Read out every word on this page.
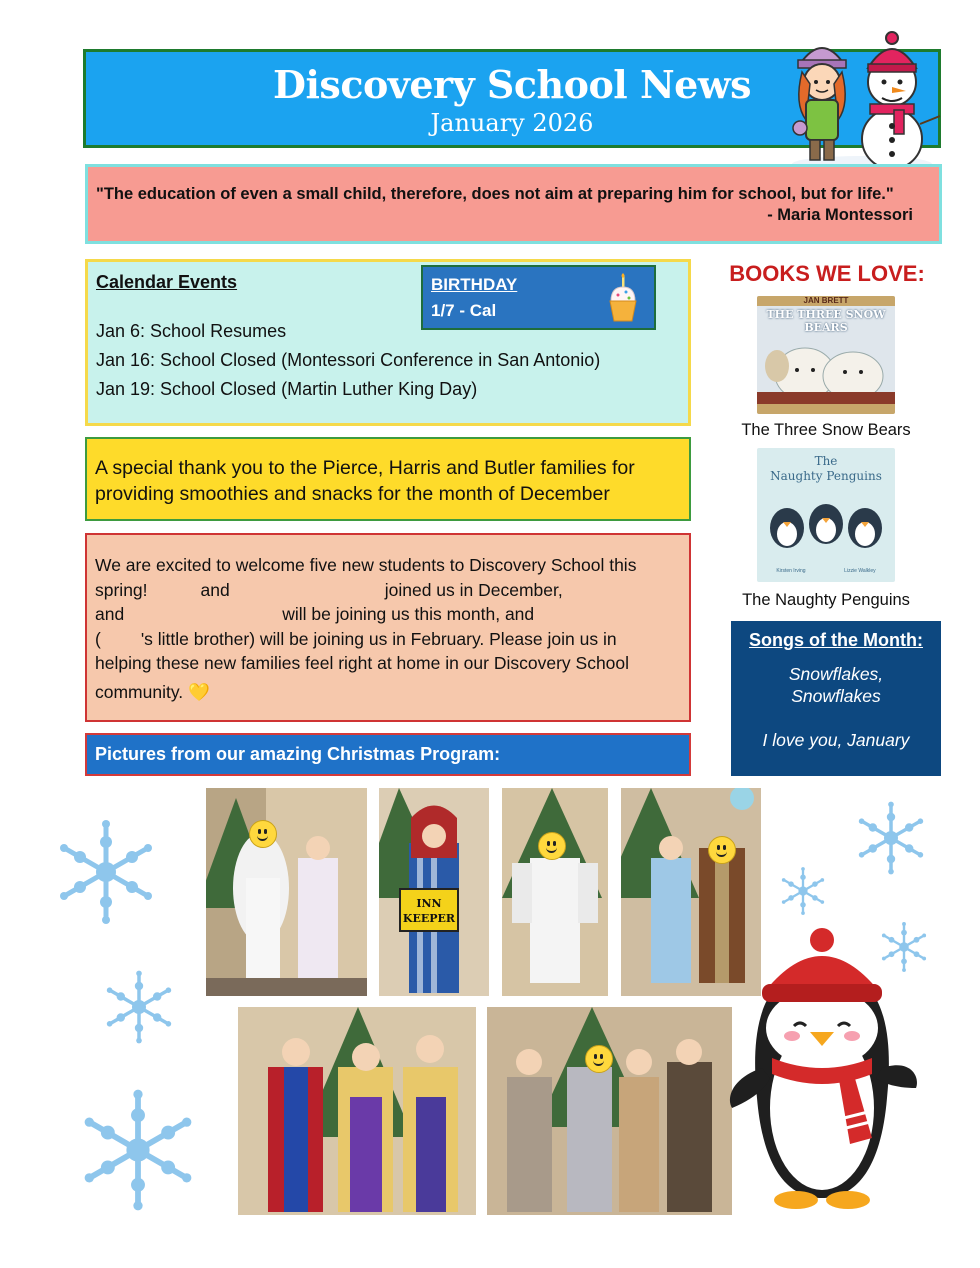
Discovery School News
January 2026
"The education of even a small child, therefore, does not aim at preparing him for school, but for life."
- Maria Montessori
Calendar Events
Jan 6: School Resumes
Jan 16: School Closed (Montessori Conference in San Antonio)
Jan 19: School Closed (Martin Luther King Day)
BIRTHDAY
1/7 - Cal
A special thank you to the Pierce, Harris and Butler families for providing smoothies and snacks for the month of December
We are excited to welcome five new students to Discovery School this
spring!	and	joined us in December,
and	will be joining us this month, and
( 's little brother) will be joining us in February. Please join us in
helping these new families feel right at home in our Discovery School
community. 💛
Pictures from our amazing Christmas Program:
BOOKS WE LOVE:
JAN BRETT
THE THREE SNOW BEARS
The Three Snow Bears
The
Naughty Penguins
Kirsten Irving	Lizzie Walkley
The Naughty Penguins
Songs of the Month:
Snowflakes,
Snowflakes
I love you, January
INN
KEEPER
